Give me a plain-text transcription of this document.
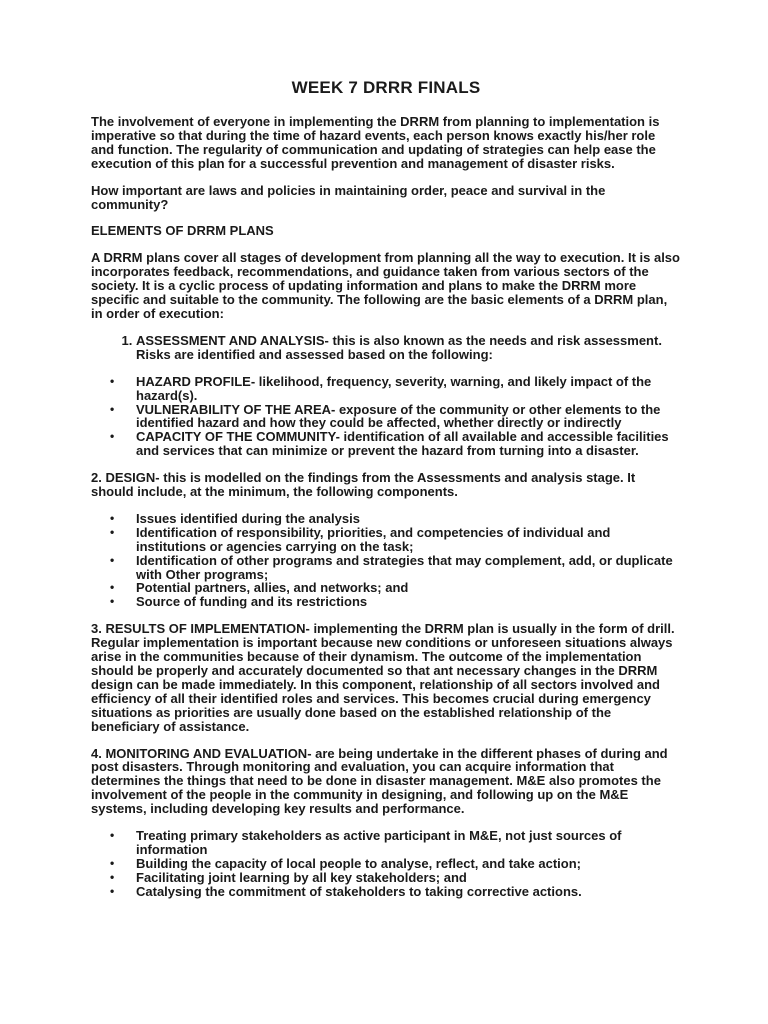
WEEK 7 DRRR FINALS

The involvement of everyone in implementing the DRRM from planning to implementation is imperative so that during the time of hazard events, each person knows exactly his/her role and function. The regularity of communication and updating of strategies can help ease the execution of this plan for a successful prevention and management of disaster risks.

How important are laws and policies in maintaining order, peace and survival in the community?

ELEMENTS OF DRRM PLANS

A DRRM plans cover all stages of development from planning all the way to execution. It is also incorporates feedback, recommendations, and guidance taken from various sectors of the society. It is a cyclic process of updating information and plans to make the DRRM more specific and suitable to the community. The following are the basic elements of a DRRM plan, in order of execution:

1. ASSESSMENT AND ANALYSIS- this is also known as the needs and risk assessment. Risks are identified and assessed based on the following:
• HAZARD PROFILE- likelihood, frequency, severity, warning, and likely impact of the hazard(s).
• VULNERABILITY OF THE AREA- exposure of the community or other elements to the identified hazard and how they could be affected, whether directly or indirectly
• CAPACITY OF THE COMMUNITY- identification of all available and accessible facilities and services that can minimize or prevent the hazard from turning into a disaster.

2. DESIGN- this is modelled on the findings from the Assessments and analysis stage. It should include, at the minimum, the following components.

• Issues identified during the analysis
• Identification of responsibility, priorities, and competencies of individual and institutions or agencies carrying on the task;
• Identification of other programs and strategies that may complement, add, or duplicate with Other programs;
• Potential partners, allies, and networks; and
• Source of funding and its restrictions

3. RESULTS OF IMPLEMENTATION- implementing the DRRM plan is usually in the form of drill. Regular implementation is important because new conditions or unforeseen situations always arise in the communities because of their dynamism. The outcome of the implementation should be properly and accurately documented so that ant necessary changes in the DRRM design can be made immediately. In this component, relationship of all sectors involved and efficiency of all their identified roles and services. This becomes crucial during emergency situations as priorities are usually done based on the established relationship of the beneficiary of assistance.

4. MONITORING AND EVALUATION- are being undertake in the different phases of during and post disasters. Through monitoring and evaluation, you can acquire information that determines the things that need to be done in disaster management. M&E also promotes the involvement of the people in the community in designing, and following up on the M&E systems, including developing key results and performance.

• Treating primary stakeholders as active participant in M&E, not just sources of information
• Building the capacity of local people to analyse, reflect, and take action;
• Facilitating joint learning by all key stakeholders; and
• Catalysing the commitment of stakeholders to taking corrective actions.
